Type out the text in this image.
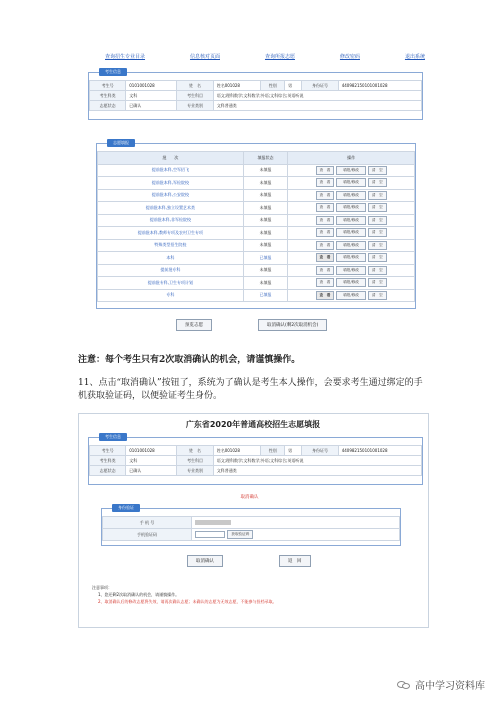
查询招生专业目录	信息核对页面	查询所报志愿	修改密码	退出系统
考生信息
考生号	0101001028	姓　名	姓名001028	性别	男	身份证号	440982150101001028
考生科类	文科	考生科目	语文;理科数学;文科数学;外语;文科综合;英语听说				
志愿状态	已确认	专业类别	文科普通类				
志愿填报
批　　次	填报状态	操作
提前批本科,空军招飞	未填报	查　看 填报/修改 清　空
提前批本科,军检院校	未填报	查　看 填报/修改 清　空
提前批本科,公安院校	未填报	查　看 填报/修改 清　空
提前批本科,独立设置艺术类	未填报	查　看 填报/修改 清　空
提前批本科,非军检院校	未填报	查　看 填报/修改 清　空
提前批本科,教师专项及农村卫生专项	未填报	查　看 填报/修改 清　空
特殊类型招生院校	未填报	查　看 填报/修改 清　空
本科	已填报	查　看 填报/修改 清　空
提前批专科	未填报	查　看 填报/修改 清　空
提前批专科,卫生专项计划	未填报	查　看 填报/修改 清　空
专科	已填报	查　看 填报/修改 清　空
预览志愿	取消确认(剩2次取消机会)
注意：每个考生只有2次取消确认的机会，请谨慎操作。
11、点击“取消确认”按钮了，系统为了确认是考生本人操作，会要求考生通过绑定的手机获取验证码，以便验证考生身份。
广东省2020年普通高校招生志愿填报
考生信息
考生号	0101001028	姓　名	姓名001028	性别	男	身份证号	440982150101001028
考生科类	文科	考生科目	语文;理科数学;文科数学;外语;文科综合;英语听说				
志愿状态	已确认	专业类别	文科普通类				
取消确认
身份验证
手 机 号	
手机验证码	获取验证码
取消确认	返　回
注意事项：
1、您还剩2次取消确认的机会，请谨慎操作。
2、取消确认后的修改志愿将失效，请再次确认志愿；未确认的志愿为无效志愿，不能参与投档录取。
高中学习资料库
